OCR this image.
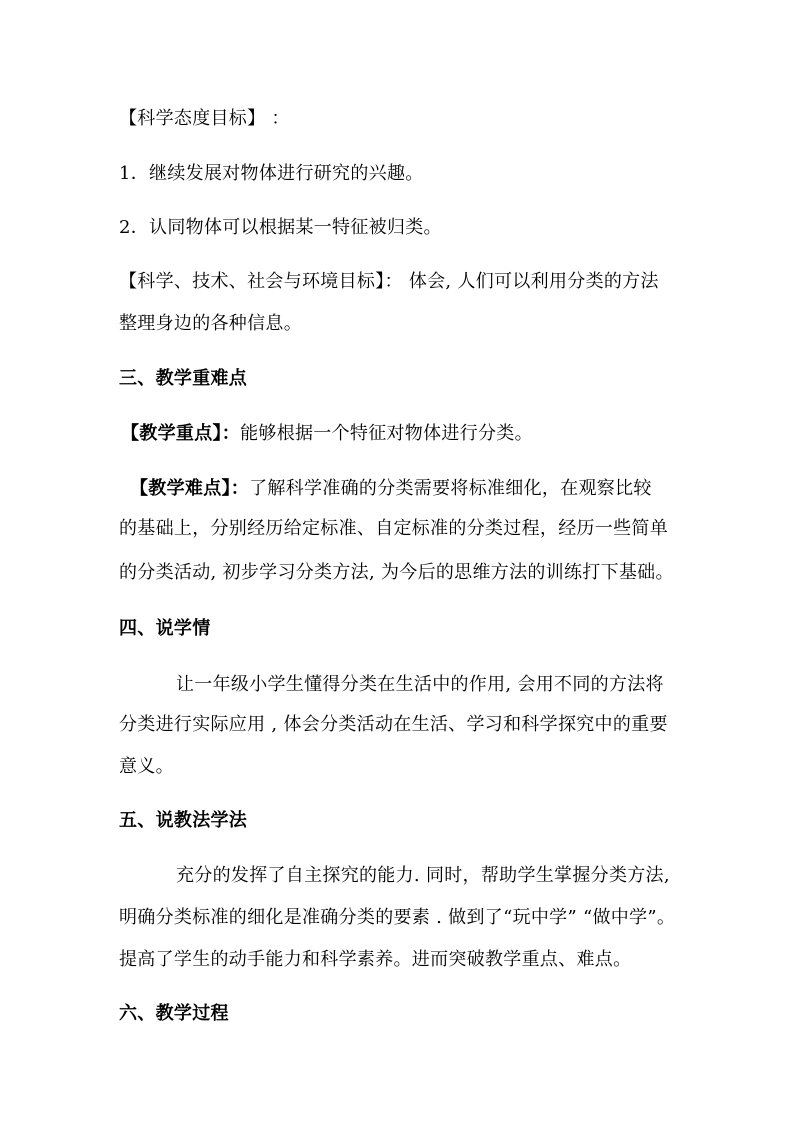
【科学态度目标】 ：
1．继续发展对物体进行研究的兴趣。
2．认同物体可以根据某一特征被归类。
【科学、技术、社会与环境目标】： 体会, 人们可以利用分类的方法
整理身边的各种信息。
三、教学重难点
【教学重点】：能够根据一个特征对物体进行分类。
【教学难点】：了解科学准确的分类需要将标准细化，在观察比较
的基础上，分别经历给定标准、自定标准的分类过程，经历一些简单
的分类活动, 初步学习分类方法, 为今后的思维方法的训练打下基础。
四、说学情
让一年级小学生懂得分类在生活中的作用, 会用不同的方法将
分类进行实际应用 , 体会分类活动在生活、学习和科学探究中的重要
意义。
五、说教法学法
充分的发挥了自主探究的能力. 同时，帮助学生掌握分类方法,
明确分类标准的细化是准确分类的要素 . 做到了“玩中学” “做中学”。
提高了学生的动手能力和科学素养。进而突破教学重点、难点。
六、教学过程
